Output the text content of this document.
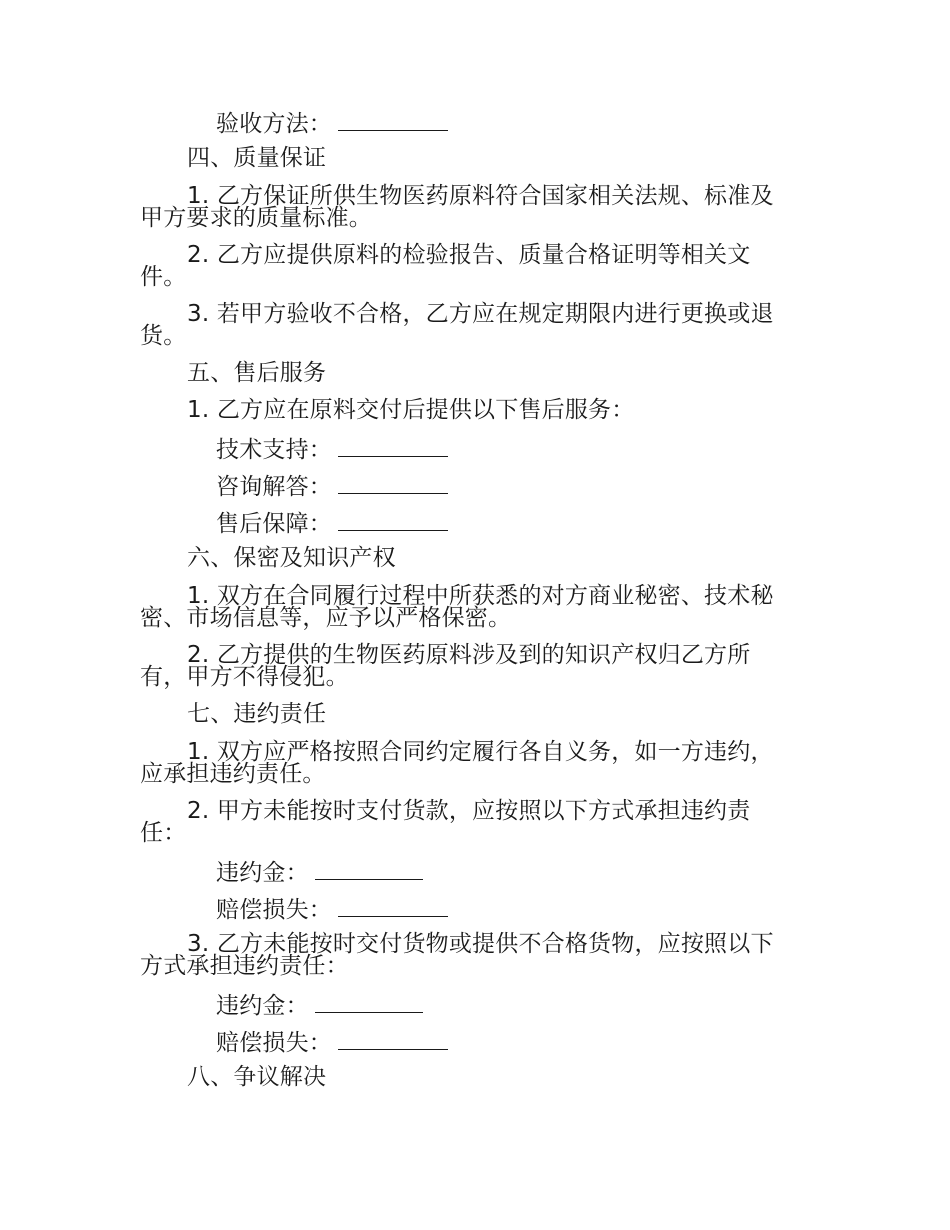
验收方法：
四、质量保证
1. 乙方保证所供生物医药原料符合国家相关法规、标准及
甲方要求的质量标准。
2. 乙方应提供原料的检验报告、质量合格证明等相关文
件。
3. 若甲方验收不合格，乙方应在规定期限内进行更换或退
货。
五、售后服务
1. 乙方应在原料交付后提供以下售后服务：
技术支持：
咨询解答：
售后保障：
六、保密及知识产权
1. 双方在合同履行过程中所获悉的对方商业秘密、技术秘
密、市场信息等，应予以严格保密。
2. 乙方提供的生物医药原料涉及到的知识产权归乙方所
有，甲方不得侵犯。
七、违约责任
1. 双方应严格按照合同约定履行各自义务，如一方违约，
应承担违约责任。
2. 甲方未能按时支付货款，应按照以下方式承担违约责
任：
违约金：
赔偿损失：
3. 乙方未能按时交付货物或提供不合格货物，应按照以下
方式承担违约责任：
违约金：
赔偿损失：
八、争议解决
